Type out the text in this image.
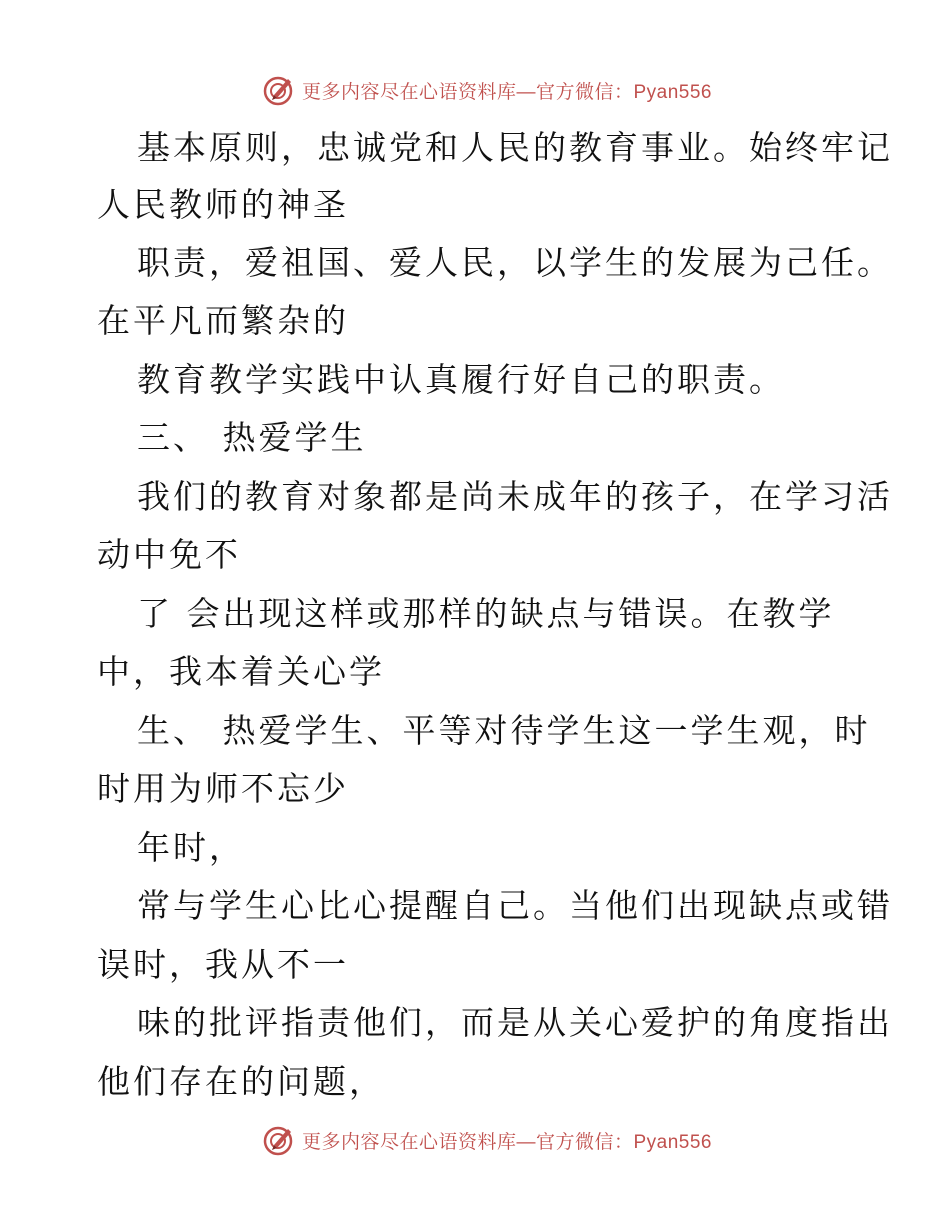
更多内容尽在心语资料库—官方微信：Pyan556
基本原则，忠诚党和人民的教育事业。始终牢记
人民教师的神圣
职责，爱祖国、爱人民，以学生的发展为己任。
在平凡而繁杂的
教育教学实践中认真履行好自己的职责。
三、 热爱学生
我们的教育对象都是尚未成年的孩子，在学习活
动中免不
了 会出现这样或那样的缺点与错误。在教学
中，我本着关心学
生、 热爱学生、平等对待学生这一学生观，时
时用为师不忘少
年时，
常与学生心比心提醒自己。当他们出现缺点或错
误时，我从不一
味的批评指责他们，而是从关心爱护的角度指出
他们存在的问题，
更多内容尽在心语资料库—官方微信：Pyan556
